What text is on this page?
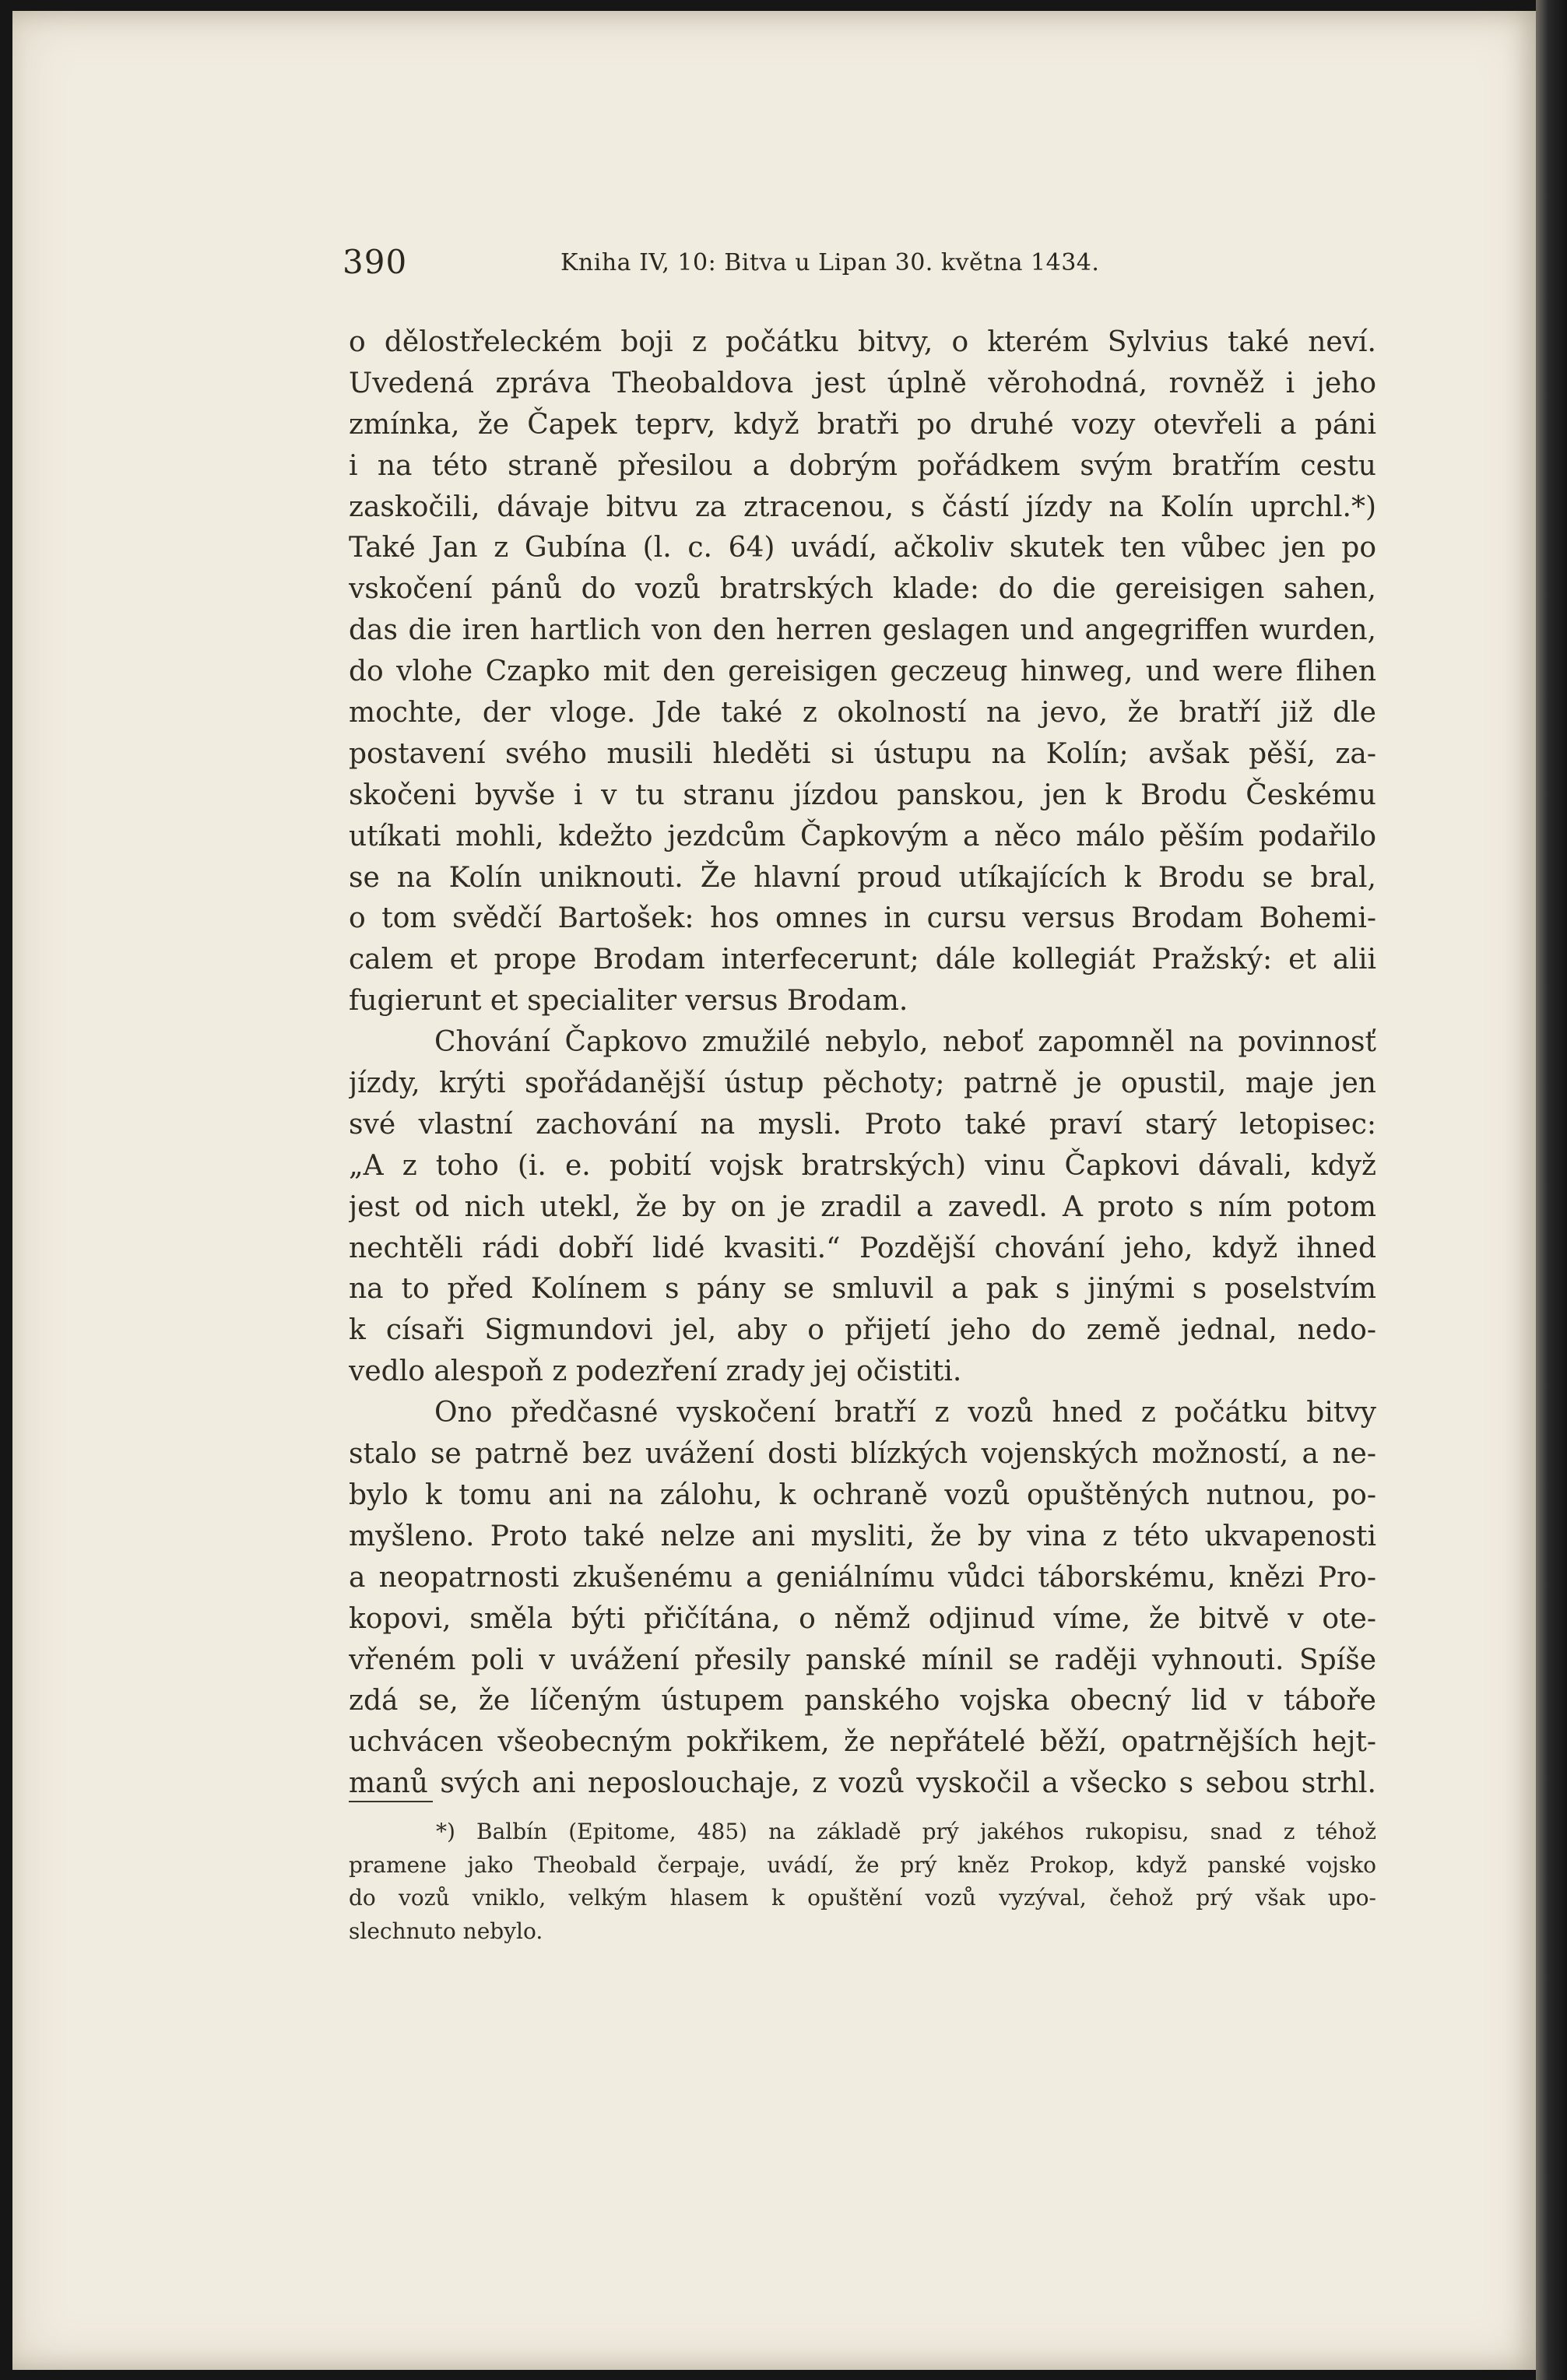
390	Kniha IV, 10: Bitva u Lipan 30. května 1434.
o dělostřeleckém boji z počátku bitvy, o kterém Sylvius také neví.
Uvedená zpráva Theobaldova jest úplně věrohodná, rovněž i jeho
zmínka, že Čapek teprv, když bratři po druhé vozy otevřeli a páni
i na této straně přesilou a dobrým pořádkem svým bratřím cestu
zaskočili, dávaje bitvu za ztracenou, s částí jízdy na Kolín uprchl.*)
Také Jan z Gubína (l. c. 64) uvádí, ačkoliv skutek ten vůbec jen po
vskočení pánů do vozů bratrských klade: do die gereisigen sahen,
das die iren hartlich von den herren geslagen und angegriffen wurden,
do vlohe Czapko mit den gereisigen geczeug hinweg, und were flihen
mochte, der vloge. Jde také z okolností na jevo, že bratří již dle
postavení svého musili hleděti si ústupu na Kolín; avšak pěší, za-
skočeni byvše i v tu stranu jízdou panskou, jen k Brodu Českému
utíkati mohli, kdežto jezdcům Čapkovým a něco málo pěším podařilo
se na Kolín uniknouti. Že hlavní proud utíkajících k Brodu se bral,
o tom svědčí Bartošek: hos omnes in cursu versus Brodam Bohemi-
calem et prope Brodam interfecerunt; dále kollegiát Pražský: et alii
fugierunt et specialiter versus Brodam.
Chování Čapkovo zmužilé nebylo, neboť zapomněl na povinnosť
jízdy, krýti spořádanější ústup pěchoty; patrně je opustil, maje jen
své vlastní zachování na mysli. Proto také praví starý letopisec:
„A z toho (i. e. pobití vojsk bratrských) vinu Čapkovi dávali, když
jest od nich utekl, že by on je zradil a zavedl. A proto s ním potom
nechtěli rádi dobří lidé kvasiti.“ Pozdější chování jeho, když ihned
na to před Kolínem s pány se smluvil a pak s jinými s poselstvím
k císaři Sigmundovi jel, aby o přijetí jeho do země jednal, nedo-
vedlo alespoň z podezření zrady jej očistiti.
Ono předčasné vyskočení bratří z vozů hned z počátku bitvy
stalo se patrně bez uvážení dosti blízkých vojenských možností, a ne-
bylo k tomu ani na zálohu, k ochraně vozů opuštěných nutnou, po-
myšleno. Proto také nelze ani mysliti, že by vina z této ukvapenosti
a neopatrnosti zkušenému a geniálnímu vůdci táborskému, knězi Pro-
kopovi, směla býti přičítána, o němž odjinud víme, že bitvě v ote-
vřeném poli v uvážení přesily panské mínil se raději vyhnouti. Spíše
zdá se, že líčeným ústupem panského vojska obecný lid v táboře
uchvácen všeobecným pokřikem, že nepřátelé běží, opatrnějších hejt-
manů svých ani neposlouchaje, z vozů vyskočil a všecko s sebou strhl.
*) Balbín (Epitome, 485) na základě prý jakéhos rukopisu, snad z téhož
pramene jako Theobald čerpaje, uvádí, že prý kněz Prokop, když panské vojsko
do vozů vniklo, velkým hlasem k opuštění vozů vyzýval, čehož prý však upo-
slechnuto nebylo.
